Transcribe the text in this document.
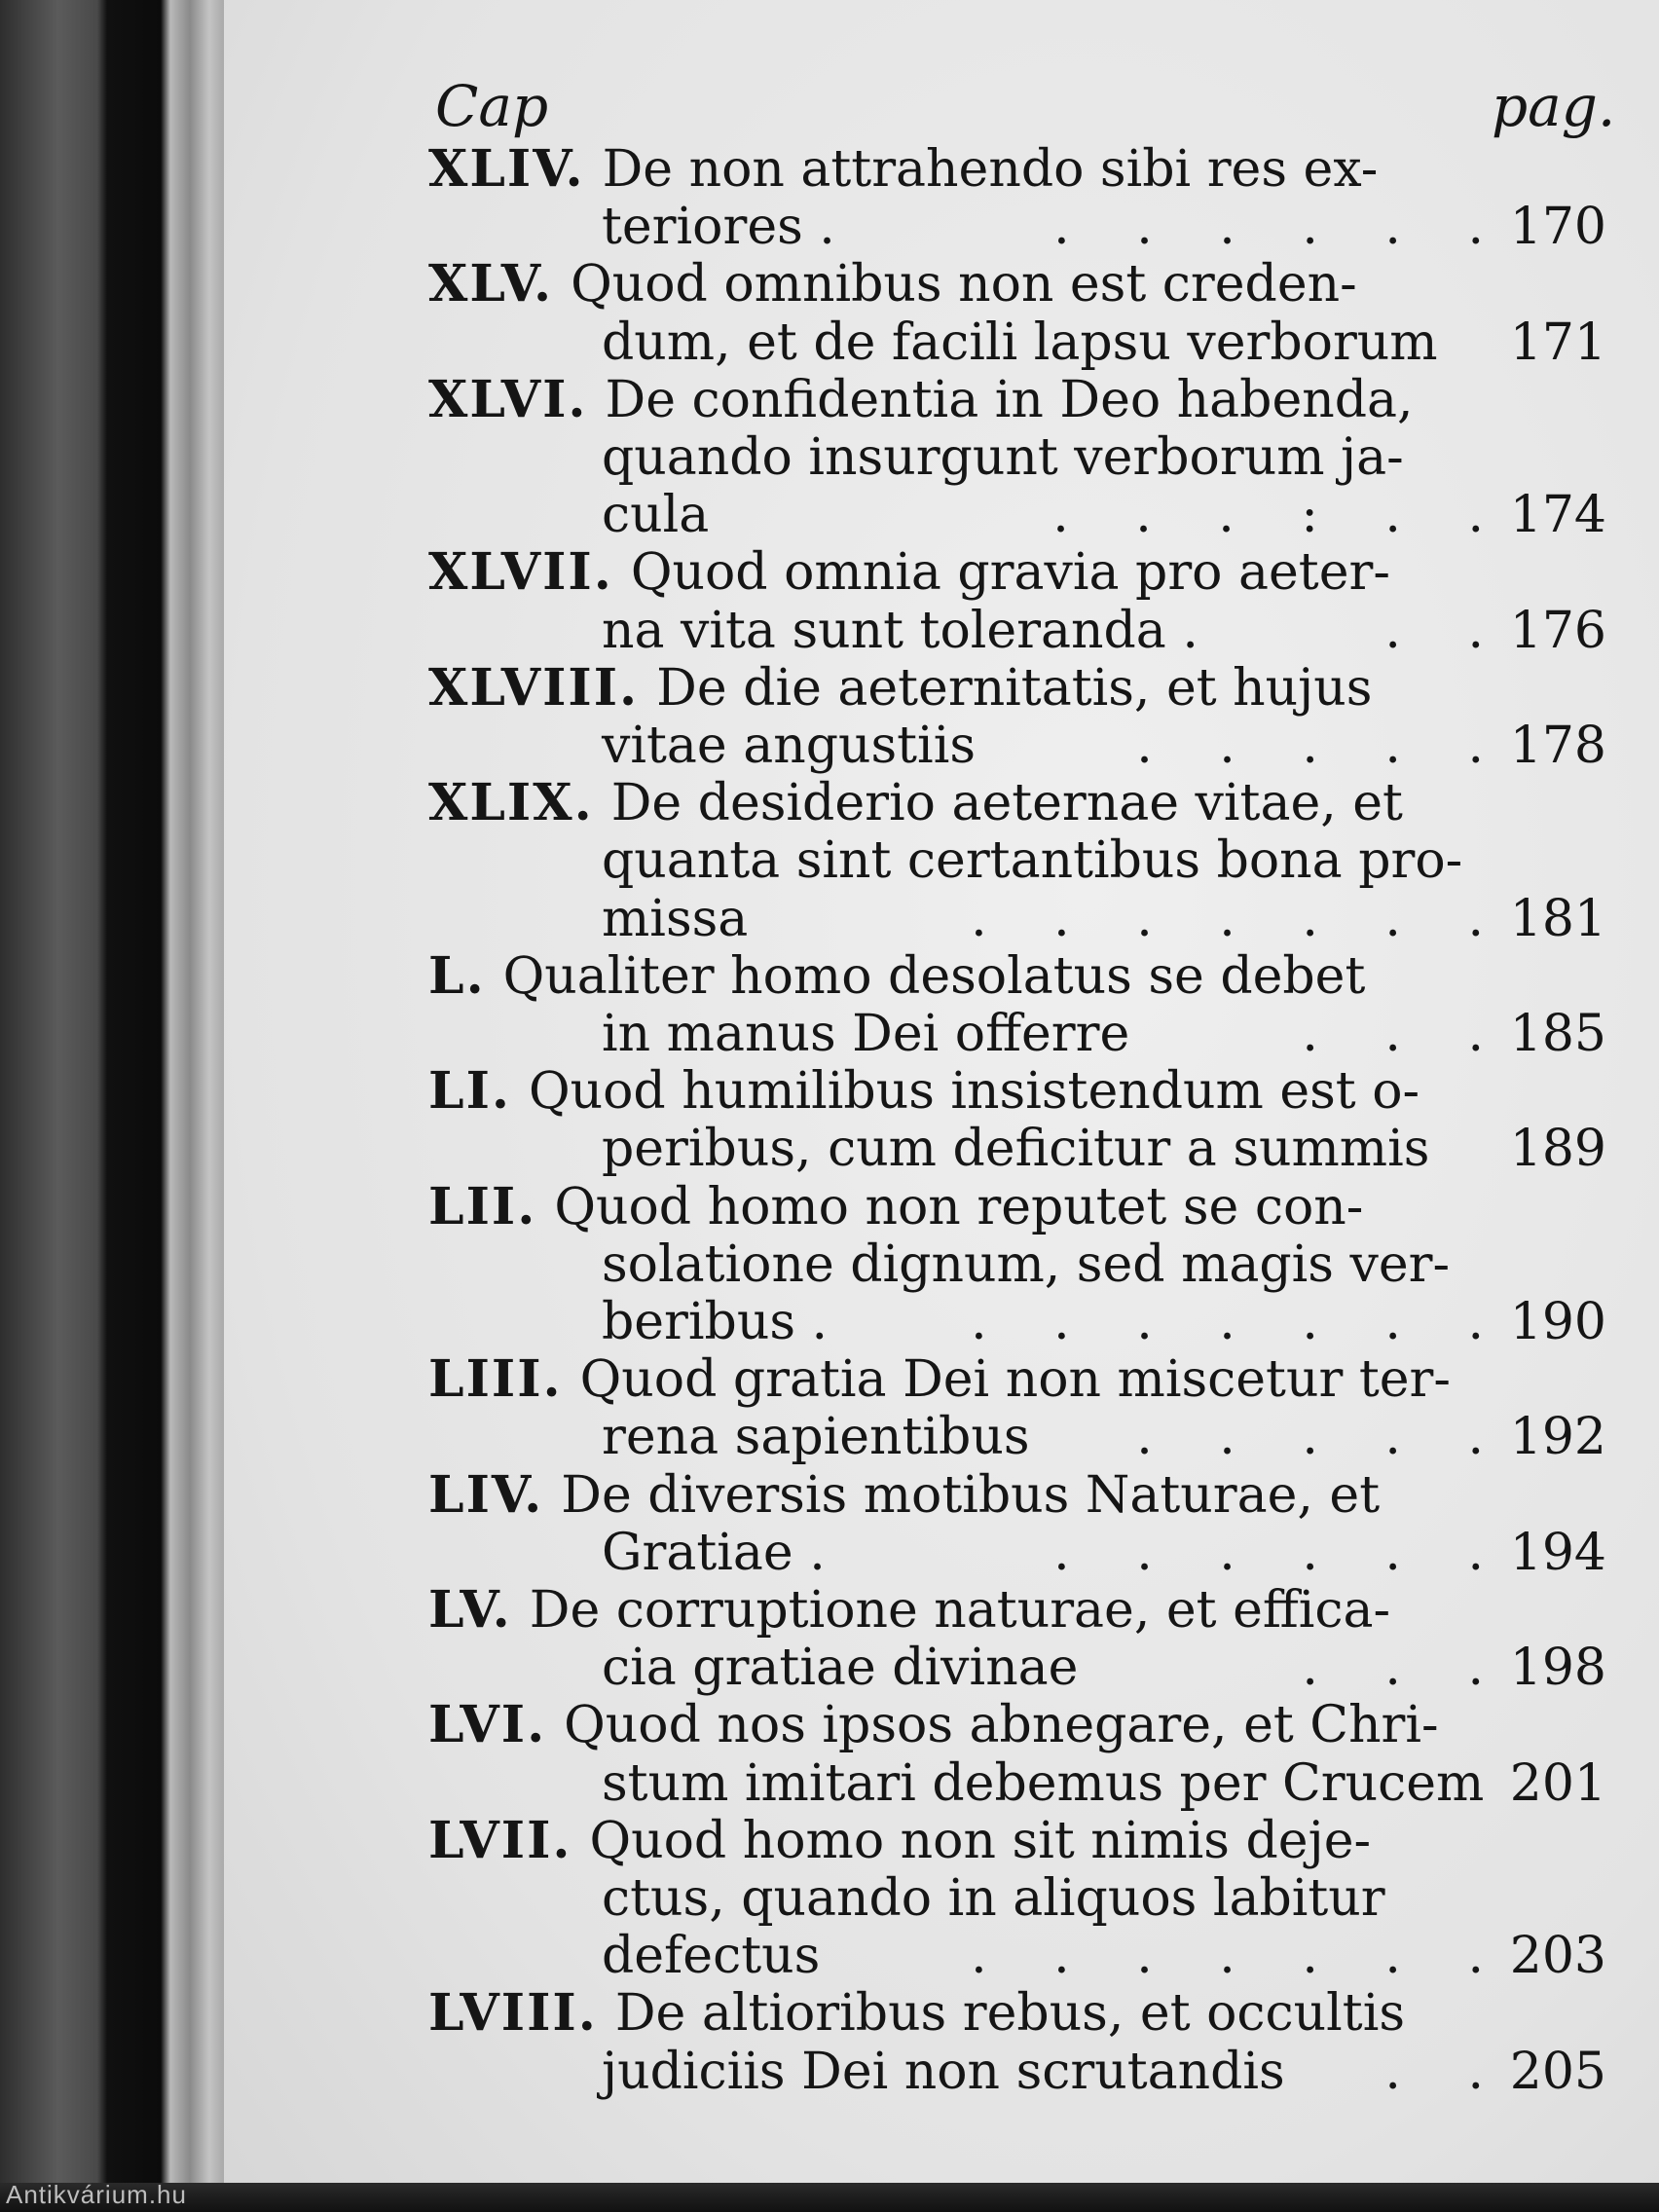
Cap	pag.
XLIV. De non attrahendo sibi res ex-
teriores .	. . . . . . 170
XLV. Quod omnibus non est creden-
dum, et de facili lapsu verborum	171
XLVI. De confidentia in Deo habenda,
quando insurgunt verborum ja-
cula	. . . : . . 174
XLVII. Quod omnia gravia pro aeter-
na vita sunt toleranda .	. . 176
XLVIII. De die aeternitatis, et hujus
vitae angustiis	. . . . . 178
XLIX. De desiderio aeternae vitae, et
quanta sint certantibus bona pro-
missa	. . . . . . . 181
L. Qualiter homo desolatus se debet
in manus Dei offerre	. . . 185
LI. Quod humilibus insistendum est o-
peribus, cum deficitur a summis	189
LII. Quod homo non reputet se con-
solatione dignum, sed magis ver-
beribus .	. . . . . . . 190
LIII. Quod gratia Dei non miscetur ter-
rena sapientibus . . . . . 192
LIV. De diversis motibus Naturae, et
Gratiae .	. . . . . . 194
LV. De corruptione naturae, et effica-
cia gratiae divinae	. . . 198
LVI. Quod nos ipsos abnegare, et Chri-
stum imitari debemus per Crucem 201
LVII. Quod homo non sit nimis deje-
ctus, quando in aliquos labitur
defectus	. . . . . . . 203
LVIII. De altioribus rebus, et occultis
judiciis Dei non scrutandis . . 205
Antikvárium.hu
